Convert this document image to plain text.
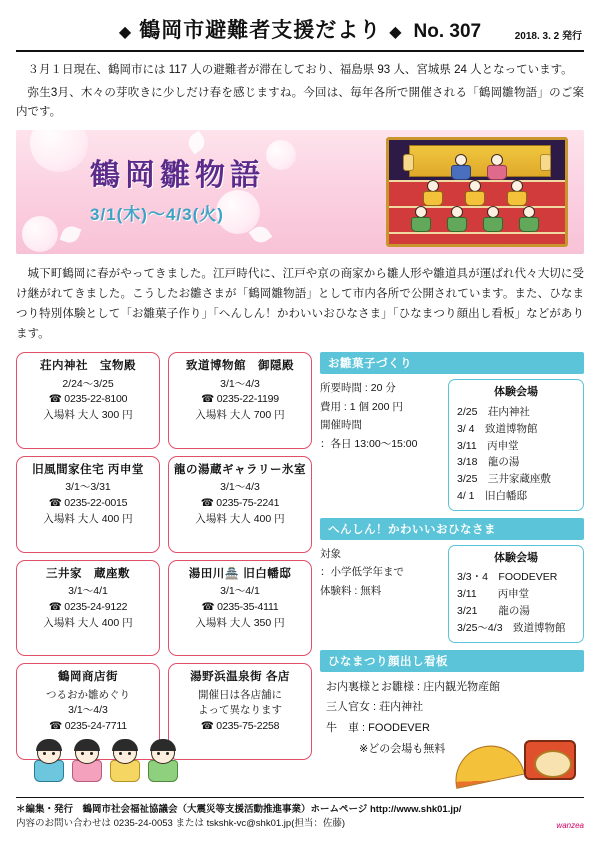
◆ 鶴岡市避難者支援だより ◆ No. 307	2018. 3. 2 発行

３月１日現在、鶴岡市には 117 人の避難者が滞在しており、福島県 93 人、宮城県 24 人となっています。

弥生3月、木々の芽吹きに少しだけ春を感じますね。今回は、毎年各所で開催される「鶴岡雛物語」のご案内です。

鶴岡雛物語
3/1(木)〜4/3(火)

城下町鶴岡に春がやってきました。江戸時代に、江戸や京の商家から雛人形や雛道具が運ばれ代々大切に受け継がれてきました。こうしたお雛さまが「鶴岡雛物語」として市内各所で公開されています。また、ひなまつり特別体験として「お雛菓子作り」「へんしん！かわいいおひなさま」「ひなまつり顔出し看板」などがあります。

荘内神社　宝物殿
2/24〜3/25
☎ 0235-22-8100
入場料 大人 300 円
致道博物館　御隠殿
3/1〜4/3
☎ 0235-22-1199
入場料 大人 700 円
旧風間家住宅 丙申堂
3/1〜3/31
☎ 0235-22-0015
入場料 大人 400 円
龍の湯蔵ギャラリー氷室
3/1〜4/3
☎ 0235-75-2241
入場料 大人 400 円
三井家　蔵座敷
3/1〜4/1
☎ 0235-24-9122
入場料 大人 400 円
湯田川🏯 旧白幡邸
3/1〜4/1
☎ 0235-35-4111
入場料 大人 350 円
鶴岡商店街
つるおか雛めぐり
3/1〜4/3
☎ 0235-24-7711
湯野浜温泉街 各店
開催日は各店舗に
よって異なります
☎ 0235-75-2258
お雛菓子づくり
所要時間 : 20 分
費用 : 1 個 200 円
開催時間
：各日 13:00〜15:00
体験会場
2/25　荘内神社
3/ 4　致道博物館
3/11　丙申堂
3/18　龍の湯
3/25　三井家蔵座敷
4/ 1　旧白幡邸
へんしん！かわいいおひなさま
対象
：小学低学年まで
体験料 : 無料
体験会場
3/3・4　FOODEVER
3/11　　丙申堂
3/21　　龍の湯
3/25〜4/3　致道博物館
ひなまつり顔出し看板
お内裏様とお雛様 : 庄内観光物産館
三人官女 : 荘内神社
牛　車 : FOODEVER
　　　※どの会場も無料
＊編集・発行　鶴岡市社会福祉協議会（大震災等支援活動推進事業）ホームページ http://www.shk01.jp/
内容のお問い合わせは 0235-24-0053 または tskshk-vc@shk01.jp(担当：佐藤)	wanzea
